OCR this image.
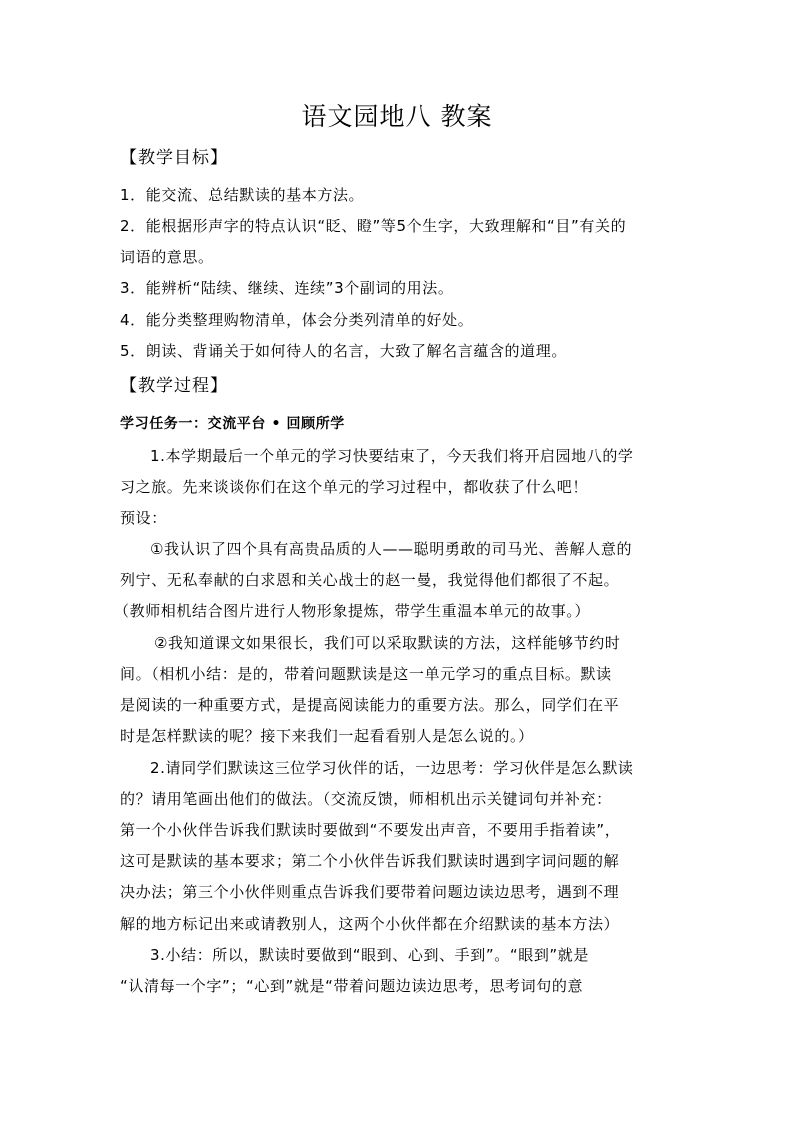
语文园地八 教案
【教学目标】
1．能交流、总结默读的基本方法。
2．能根据形声字的特点认识“眨、瞪”等5个生字，大致理解和“目”有关的
词语的意思。
3．能辨析“陆续、继续、连续”3个副词的用法。
4．能分类整理购物清单，体会分类列清单的好处。
5．朗读、背诵关于如何待人的名言，大致了解名言蕴含的道理。
【教学过程】
学习任务一：交流平台 • 回顾所学
1.本学期最后一个单元的学习快要结束了，今天我们将开启园地八的学
习之旅。先来谈谈你们在这个单元的学习过程中，都收获了什么吧！
预设：
①我认识了四个具有高贵品质的人——聪明勇敢的司马光、善解人意的
列宁、无私奉献的白求恩和关心战士的赵一曼，我觉得他们都很了不起。
（教师相机结合图片进行人物形象提炼，带学生重温本单元的故事。）
②我知道课文如果很长，我们可以采取默读的方法，这样能够节约时
间。（相机小结：是的，带着问题默读是这一单元学习的重点目标。默读
是阅读的一种重要方式，是提高阅读能力的重要方法。那么，同学们在平
时是怎样默读的呢？接下来我们一起看看别人是怎么说的。）
2.请同学们默读这三位学习伙伴的话，一边思考：学习伙伴是怎么默读
的？请用笔画出他们的做法。（交流反馈，师相机出示关键词句并补充：
第一个小伙伴告诉我们默读时要做到“不要发出声音，不要用手指着读”，
这可是默读的基本要求；第二个小伙伴告诉我们默读时遇到字词问题的解
决办法；第三个小伙伴则重点告诉我们要带着问题边读边思考，遇到不理
解的地方标记出来或请教别人，这两个小伙伴都在介绍默读的基本方法）
3.小结：所以，默读时要做到“眼到、心到、手到”。“眼到”就是
“认清每一个字”；“心到”就是“带着问题边读边思考，思考词句的意
